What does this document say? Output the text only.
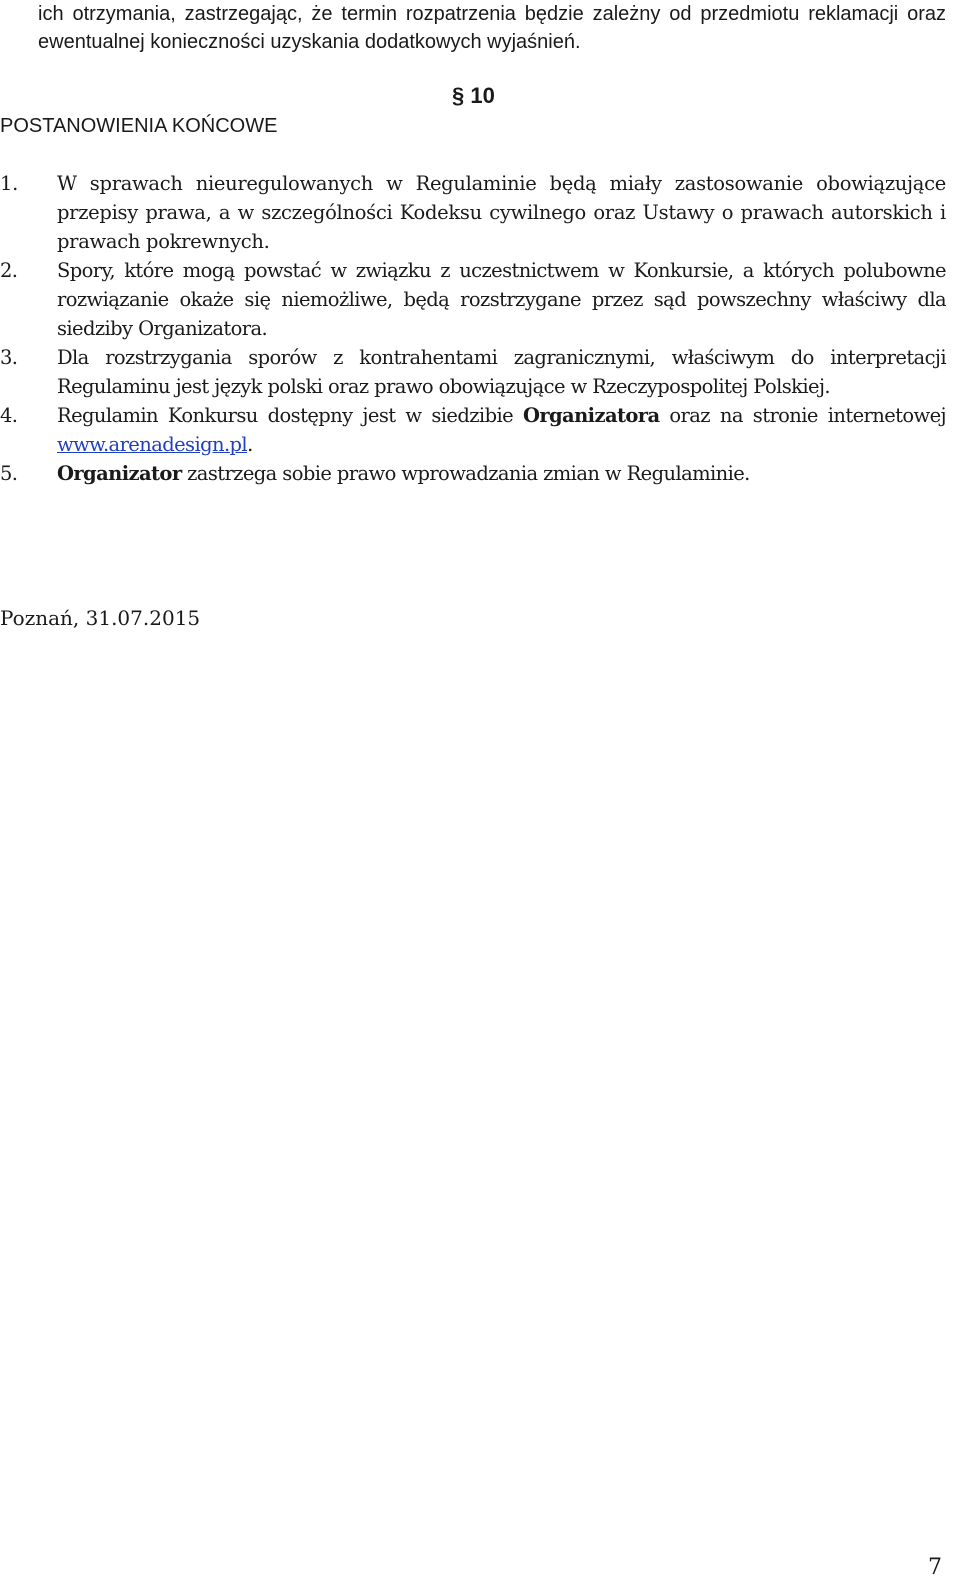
ich otrzymania, zastrzegając, że termin rozpatrzenia będzie zależny od przedmiotu reklamacji oraz ewentualnej konieczności uzyskania dodatkowych wyjaśnień.

§ 10

POSTANOWIENIA KOŃCOWE

1. W sprawach nieuregulowanych w Regulaminie będą miały zastosowanie obowiązujące przepisy prawa, a w szczególności Kodeksu cywilnego oraz Ustawy o prawach autorskich i prawach pokrewnych.
2. Spory, które mogą powstać w związku z uczestnictwem w Konkursie, a których polubowne rozwiązanie okaże się niemożliwe, będą rozstrzygane przez sąd powszechny właściwy dla siedziby Organizatora.
3. Dla rozstrzygania sporów z kontrahentami zagranicznymi, właściwym do interpretacji Regulaminu jest język polski oraz prawo obowiązujące w Rzeczypospolitej Polskiej.
4. Regulamin Konkursu dostępny jest w siedzibie Organizatora oraz na stronie internetowej www.arenadesign.pl.
5. Organizator zastrzega sobie prawo wprowadzania zmian w Regulaminie.

Poznań, 31.07.2015

7
